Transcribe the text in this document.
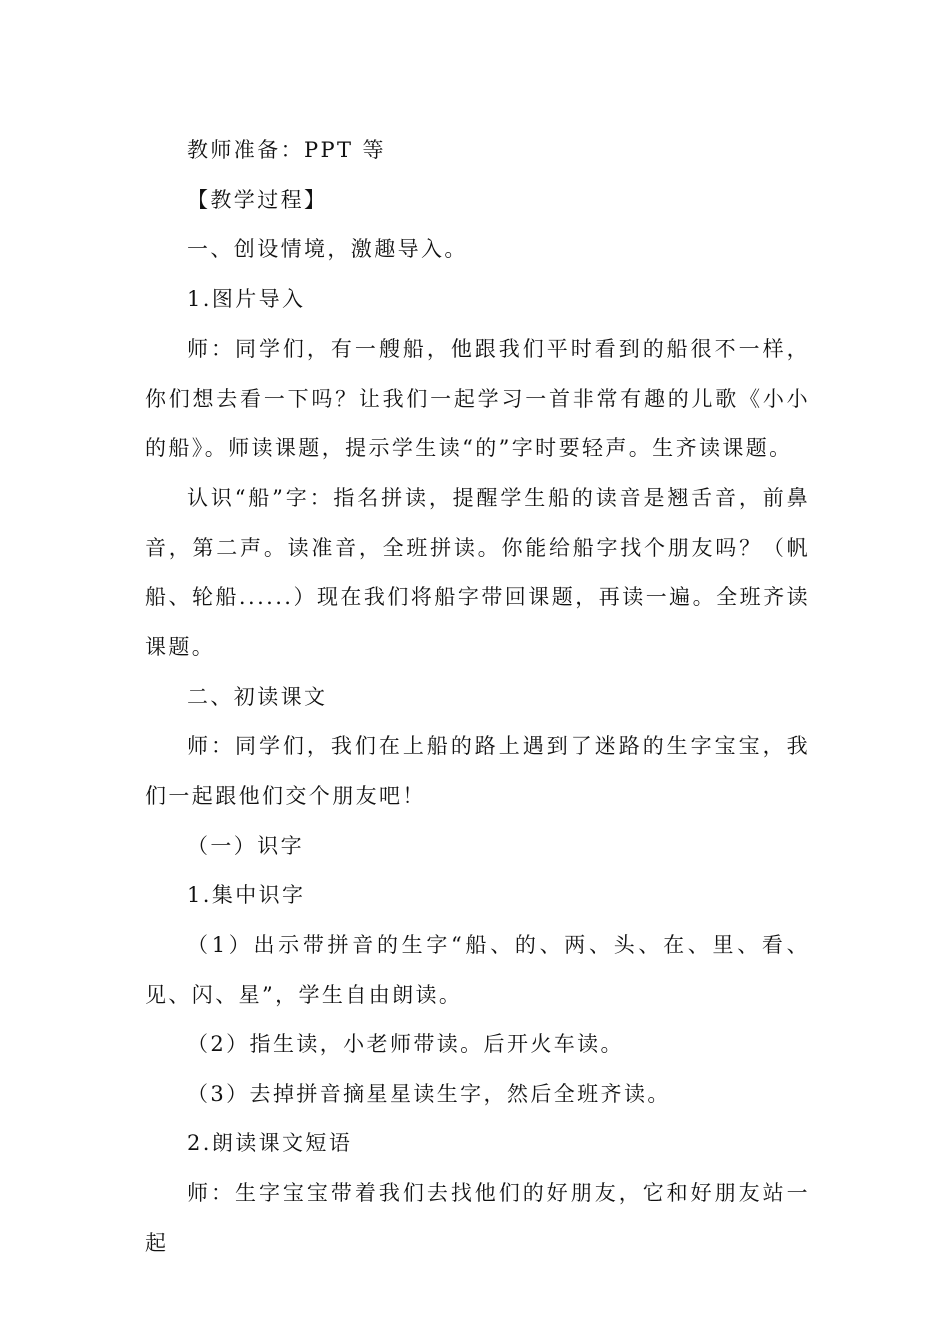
教师准备：PPT 等

【教学过程】

一、创设情境，激趣导入。

1.图片导入

师：同学们，有一艘船，他跟我们平时看到的船很不一样，你们想去看一下吗？让我们一起学习一首非常有趣的儿歌《小小的船》。师读课题，提示学生读“的”字时要轻声。生齐读课题。

认识“船”字：指名拼读，提醒学生船的读音是翘舌音，前鼻音，第二声。读准音，全班拼读。你能给船字找个朋友吗？（帆船、轮船......）现在我们将船字带回课题，再读一遍。全班齐读课题。

二、初读课文

师：同学们，我们在上船的路上遇到了迷路的生字宝宝，我们一起跟他们交个朋友吧！

（一）识字

1.集中识字

（1）出示带拼音的生字“船、的、两、头、在、里、看、见、闪、星”，学生自由朗读。

（2）指生读，小老师带读。后开火车读。

（3）去掉拼音摘星星读生字，然后全班齐读。

2.朗读课文短语

师：生字宝宝带着我们去找他们的好朋友，它和好朋友站一起
